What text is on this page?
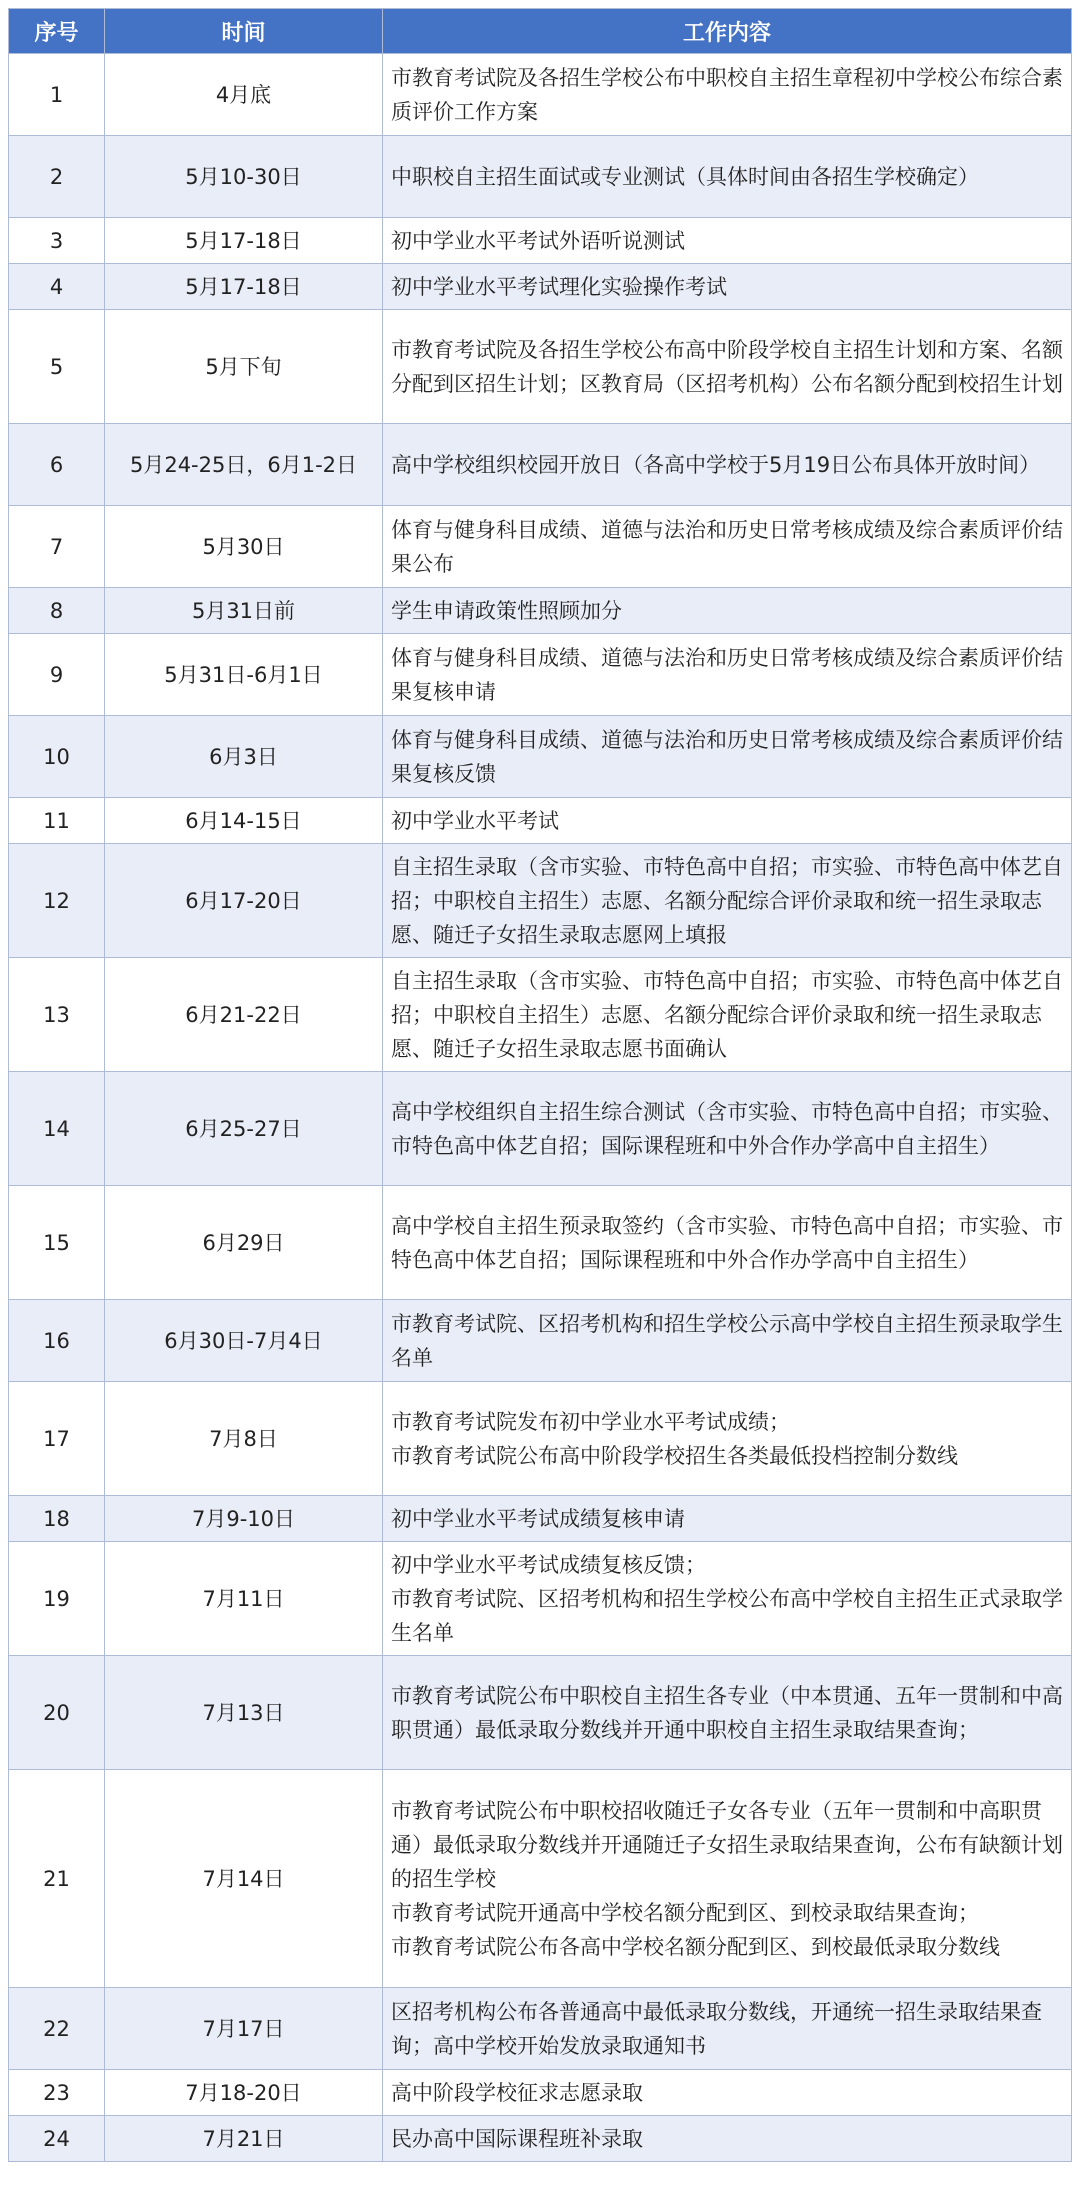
序号	时间	工作内容
1	4月底	市教育考试院及各招生学校公布中职校自主招生章程初中学校公布综合素质评价工作方案

2	5月10-30日	中职校自主招生面试或专业测试（具体时间由各招生学校确定）

3	5月17-18日	初中学业水平考试外语听说测试

4	5月17-18日	初中学业水平考试理化实验操作考试

5	5月下旬	市教育考试院及各招生学校公布高中阶段学校自主招生计划和方案、名额分配到区招生计划；区教育局（区招考机构）公布名额分配到校招生计划

6	5月24-25日，6月1-2日	高中学校组织校园开放日（各高中学校于5月19日公布具体开放时间）

7	5月30日	体育与健身科目成绩、道德与法治和历史日常考核成绩及综合素质评价结果公布

8	5月31日前	学生申请政策性照顾加分

9	5月31日-6月1日	体育与健身科目成绩、道德与法治和历史日常考核成绩及综合素质评价结果复核申请

10	6月3日	体育与健身科目成绩、道德与法治和历史日常考核成绩及综合素质评价结果复核反馈

11	6月14-15日	初中学业水平考试

12	6月17-20日	自主招生录取（含市实验、市特色高中自招；市实验、市特色高中体艺自招；中职校自主招生）志愿、名额分配综合评价录取和统一招生录取志愿、随迁子女招生录取志愿网上填报

13	6月21-22日	自主招生录取（含市实验、市特色高中自招；市实验、市特色高中体艺自招；中职校自主招生）志愿、名额分配综合评价录取和统一招生录取志愿、随迁子女招生录取志愿书面确认

14	6月25-27日	高中学校组织自主招生综合测试（含市实验、市特色高中自招；市实验、市特色高中体艺自招；国际课程班和中外合作办学高中自主招生）

15	6月29日	高中学校自主招生预录取签约（含市实验、市特色高中自招；市实验、市特色高中体艺自招；国际课程班和中外合作办学高中自主招生）

16	6月30日-7月4日	市教育考试院、区招考机构和招生学校公示高中学校自主招生预录取学生名单

17	7月8日	市教育考试院发布初中学业水平考试成绩；
市教育考试院公布高中阶段学校招生各类最低投档控制分数线

18	7月9-10日	初中学业水平考试成绩复核申请

19	7月11日	初中学业水平考试成绩复核反馈；
市教育考试院、区招考机构和招生学校公布高中学校自主招生正式录取学生名单

20	7月13日	市教育考试院公布中职校自主招生各专业（中本贯通、五年一贯制和中高职贯通）最低录取分数线并开通中职校自主招生录取结果查询；

21	7月14日	市教育考试院公布中职校招收随迁子女各专业（五年一贯制和中高职贯通）最低录取分数线并开通随迁子女招生录取结果查询，公布有缺额计划的招生学校
市教育考试院开通高中学校名额分配到区、到校录取结果查询；
市教育考试院公布各高中学校名额分配到区、到校最低录取分数线

22	7月17日	区招考机构公布各普通高中最低录取分数线，开通统一招生录取结果查询；高中学校开始发放录取通知书

23	7月18-20日	高中阶段学校征求志愿录取

24	7月21日	民办高中国际课程班补录取
